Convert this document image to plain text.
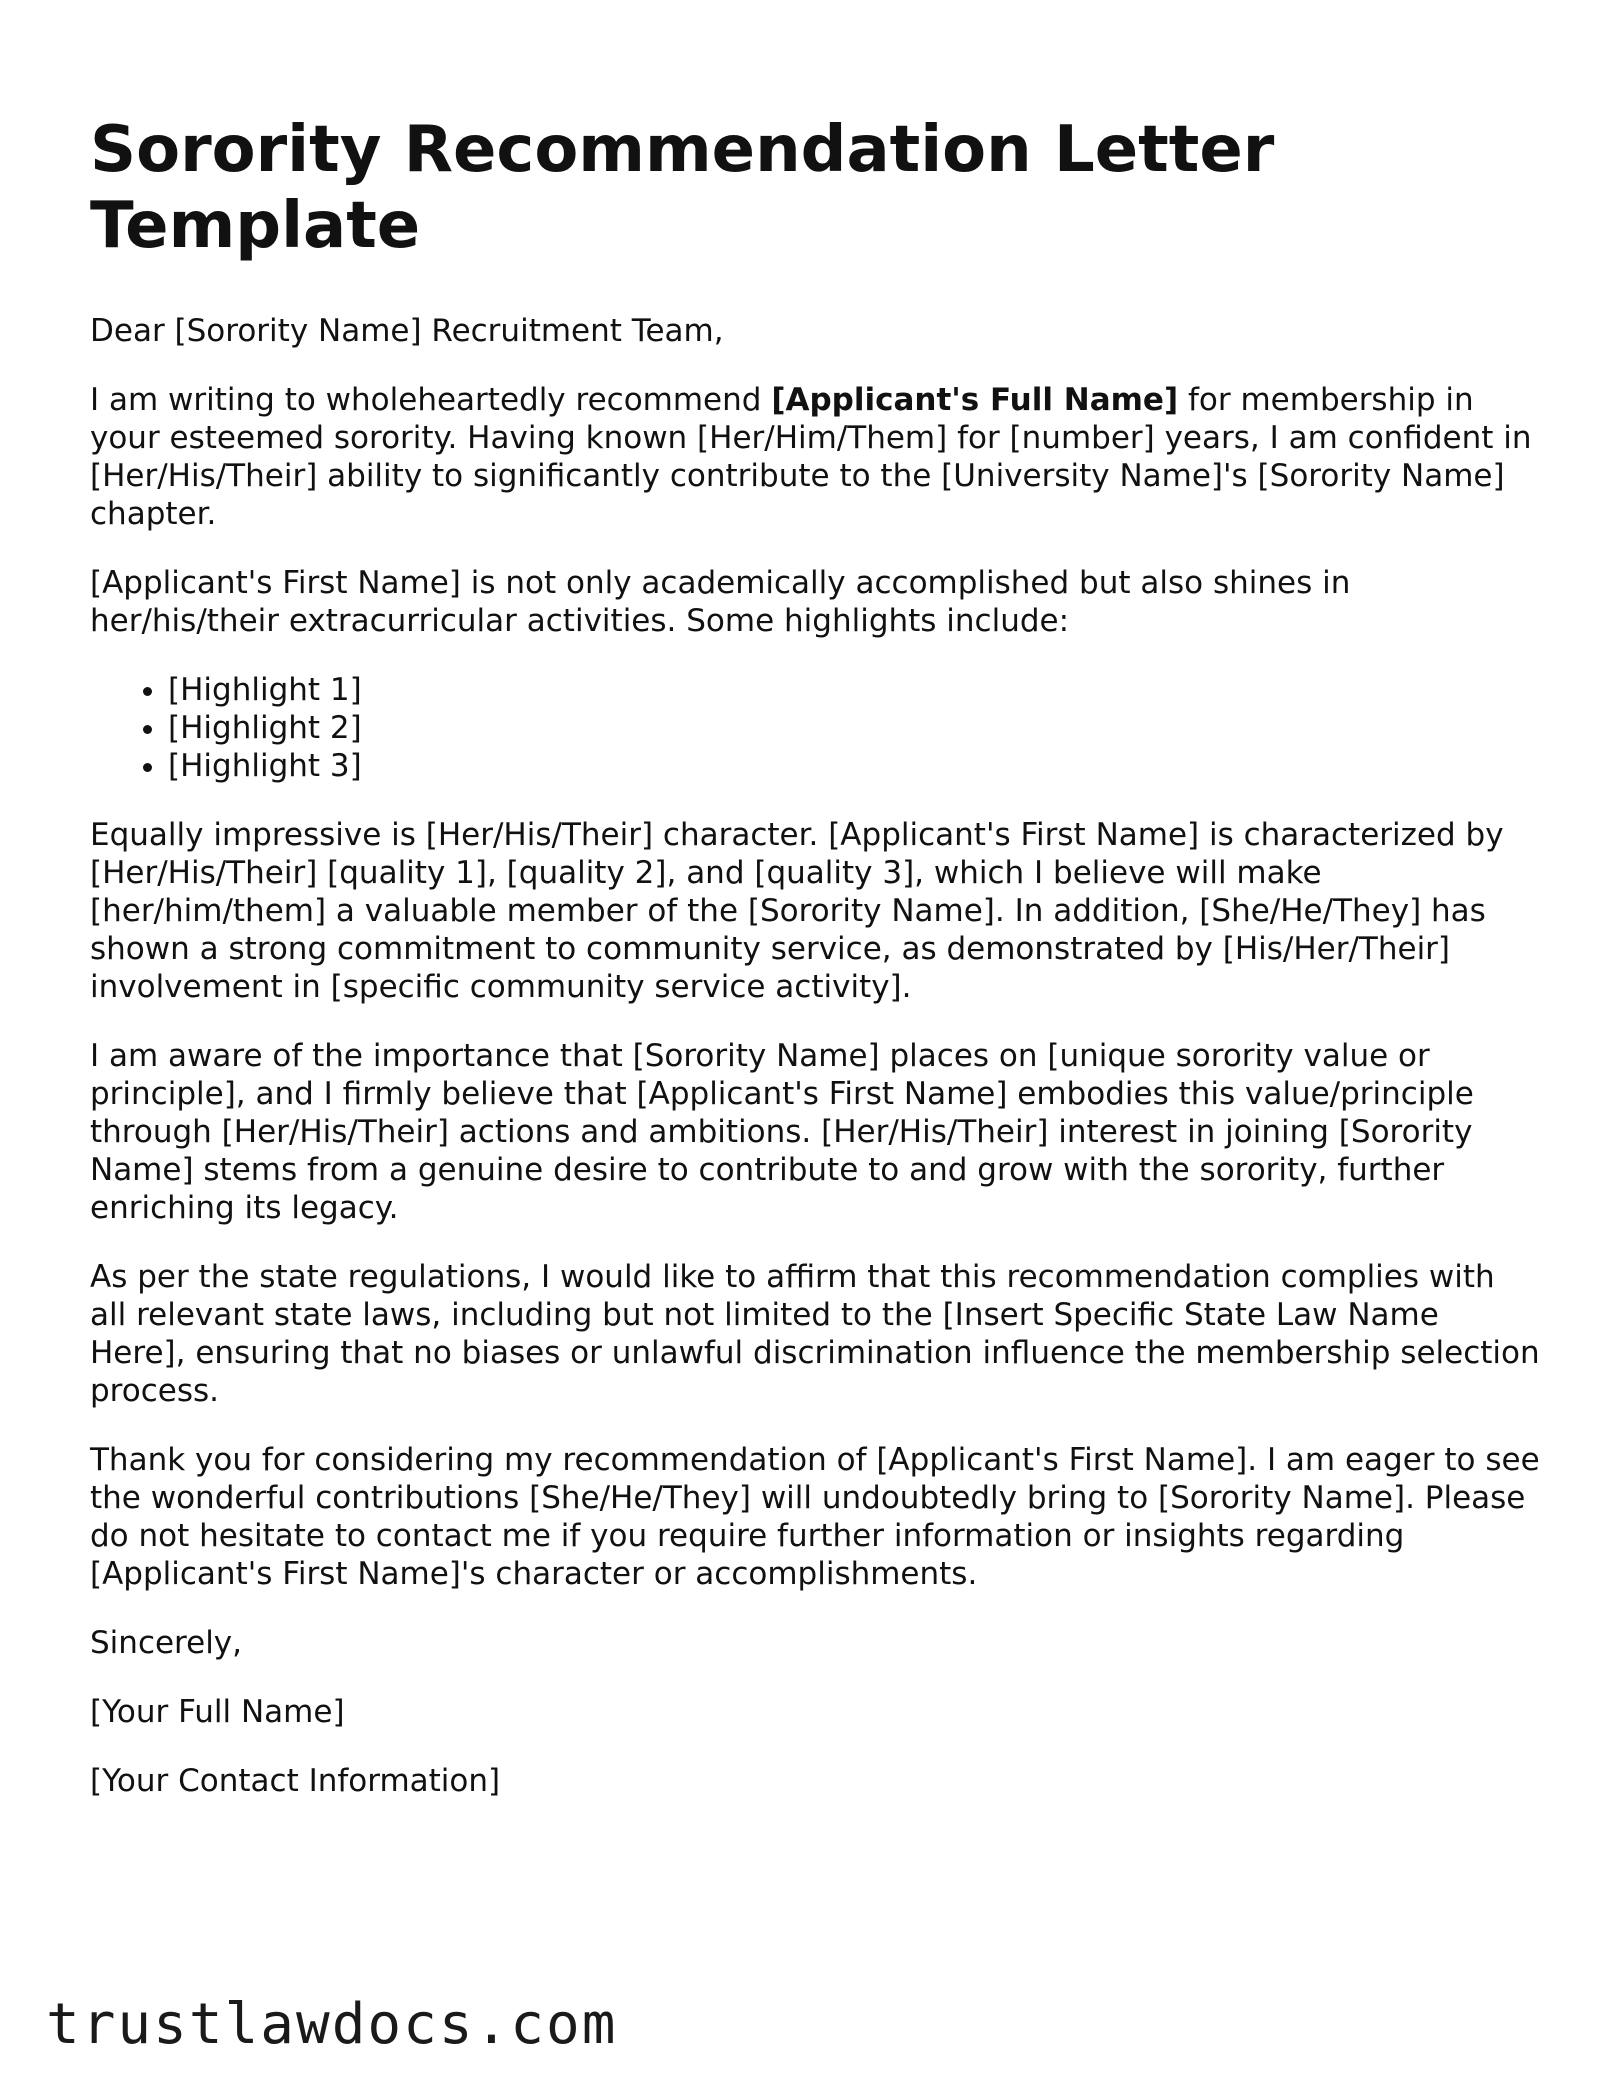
Sorority Recommendation Letter Template

Dear [Sorority Name] Recruitment Team,

I am writing to wholeheartedly recommend [Applicant's Full Name] for membership in your esteemed sorority. Having known [Her/Him/Them] for [number] years, I am confident in [Her/His/Their] ability to significantly contribute to the [University Name]'s [Sorority Name] chapter.

[Applicant's First Name] is not only academically accomplished but also shines in her/his/their extracurricular activities. Some highlights include:

• [Highlight 1]
• [Highlight 2]
• [Highlight 3]

Equally impressive is [Her/His/Their] character. [Applicant's First Name] is characterized by [Her/His/Their] [quality 1], [quality 2], and [quality 3], which I believe will make [her/him/them] a valuable member of the [Sorority Name]. In addition, [She/He/They] has shown a strong commitment to community service, as demonstrated by [His/Her/Their] involvement in [specific community service activity].

I am aware of the importance that [Sorority Name] places on [unique sorority value or principle], and I firmly believe that [Applicant's First Name] embodies this value/principle through [Her/His/Their] actions and ambitions. [Her/His/Their] interest in joining [Sorority Name] stems from a genuine desire to contribute to and grow with the sorority, further enriching its legacy.

As per the state regulations, I would like to affirm that this recommendation complies with all relevant state laws, including but not limited to the [Insert Specific State Law Name Here], ensuring that no biases or unlawful discrimination influence the membership selection process.

Thank you for considering my recommendation of [Applicant's First Name]. I am eager to see the wonderful contributions [She/He/They] will undoubtedly bring to [Sorority Name]. Please do not hesitate to contact me if you require further information or insights regarding [Applicant's First Name]'s character or accomplishments.

Sincerely,

[Your Full Name]

[Your Contact Information]

trustlawdocs.com
